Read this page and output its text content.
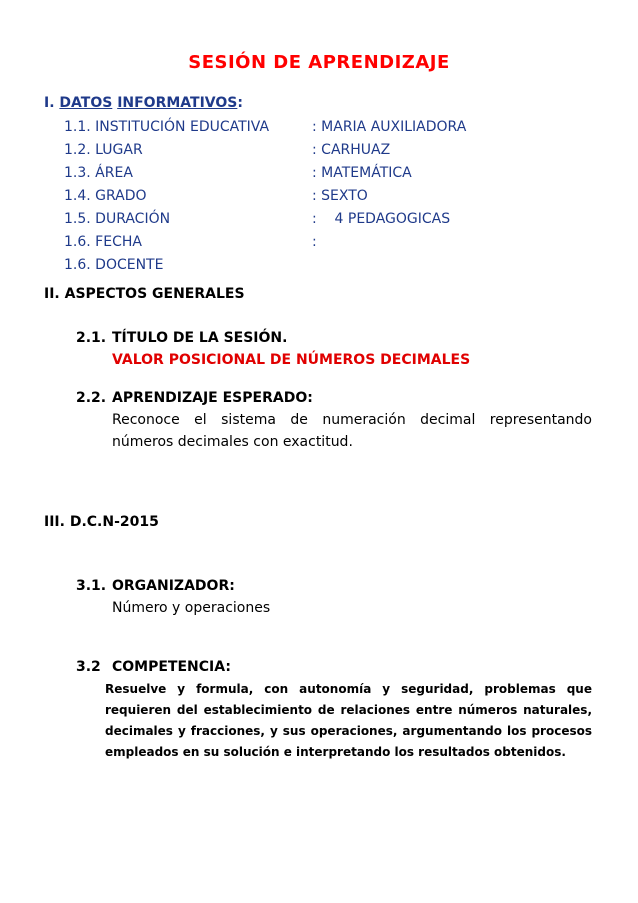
SESIÓN DE APRENDIZAJE
I. DATOS INFORMATIVOS:
1.1. INSTITUCIÓN EDUCATIVA	: MARIA AUXILIADORA
1.2. LUGAR	: CARHUAZ
1.3. ÁREA	: MATEMÁTICA
1.4. GRADO	: SEXTO
1.5. DURACIÓN	:    4 PEDAGOGICAS
1.6. FECHA	:
1.6. DOCENTE
II. ASPECTOS GENERALES
2.1. TÍTULO DE LA SESIÓN.
VALOR POSICIONAL DE NÚMEROS DECIMALES
2.2. APRENDIZAJE ESPERADO:
Reconoce el sistema de numeración decimal representando números decimales con exactitud.
III. D.C.N-2015
3.1. ORGANIZADOR:
Número y operaciones
3.2 COMPETENCIA:
Resuelve y formula, con autonomía y seguridad, problemas que requieren del establecimiento de relaciones entre números naturales, decimales y fracciones, y sus operaciones, argumentando los procesos empleados en su solución e interpretando los resultados obtenidos.
